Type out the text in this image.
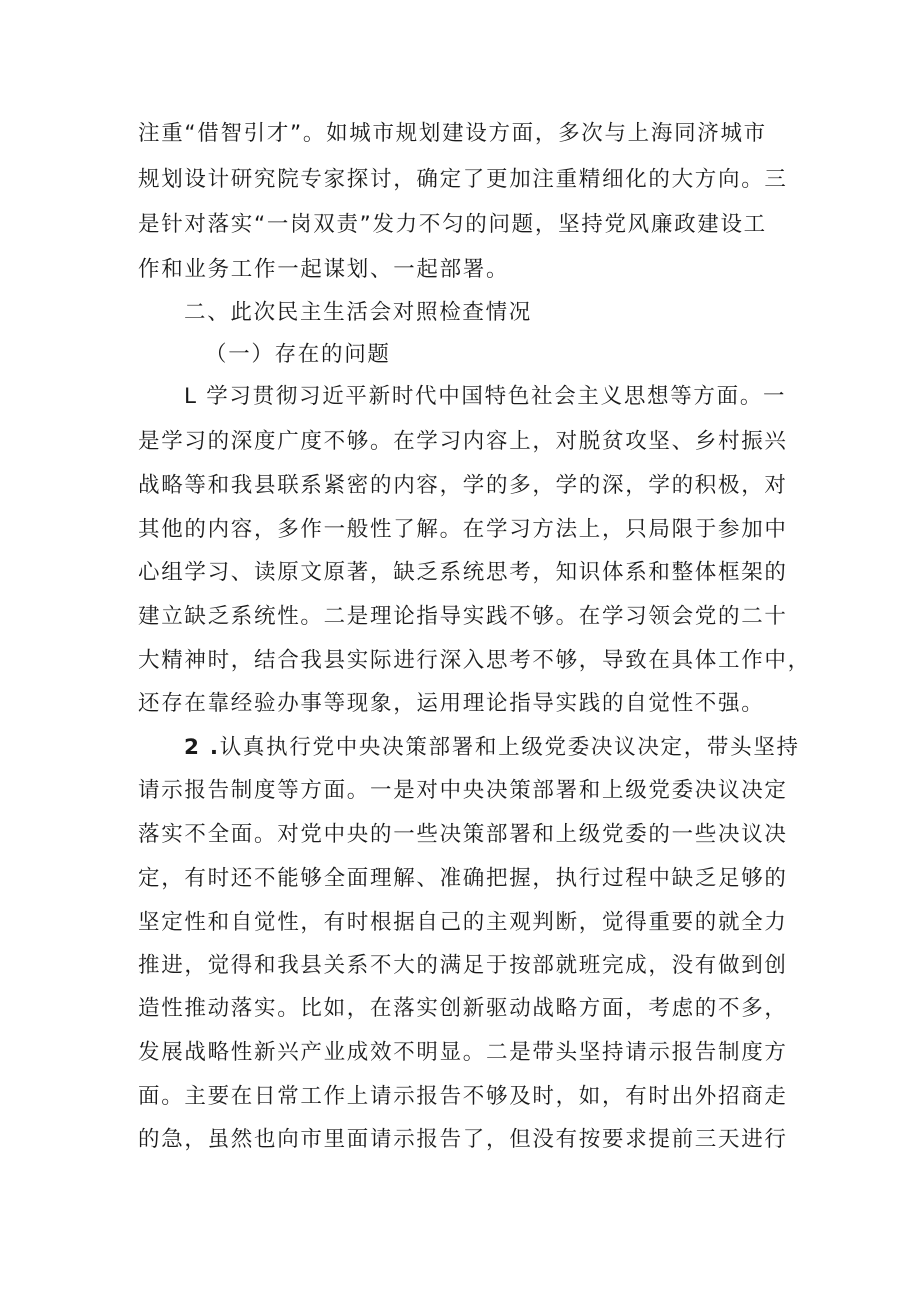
注重“借智引才”。如城市规划建设方面，多次与上海同济城市
规划设计研究院专家探讨，确定了更加注重精细化的大方向。三
是针对落实“一岗双责”发力不匀的问题，坚持党风廉政建设工
作和业务工作一起谋划、一起部署。
二、此次民主生活会对照检查情况
（一）存在的问题
L 学习贯彻习近平新时代中国特色社会主义思想等方面。一
是学习的深度广度不够。在学习内容上，对脱贫攻坚、乡村振兴
战略等和我县联系紧密的内容，学的多，学的深，学的积极，对
其他的内容，多作一般性了解。在学习方法上，只局限于参加中
心组学习、读原文原著，缺乏系统思考，知识体系和整体框架的
建立缺乏系统性。二是理论指导实践不够。在学习领会党的二十
大精神时，结合我县实际进行深入思考不够，导致在具体工作中，
还存在靠经验办事等现象，运用理论指导实践的自觉性不强。
2 .认真执行党中央决策部署和上级党委决议决定，带头坚持
请示报告制度等方面。一是对中央决策部署和上级党委决议决定
落实不全面。对党中央的一些决策部署和上级党委的一些决议决
定，有时还不能够全面理解、准确把握，执行过程中缺乏足够的
坚定性和自觉性，有时根据自己的主观判断，觉得重要的就全力
推进，觉得和我县关系不大的满足于按部就班完成，没有做到创
造性推动落实。比如，在落实创新驱动战略方面，考虑的不多，
发展战略性新兴产业成效不明显。二是带头坚持请示报告制度方
面。主要在日常工作上请示报告不够及时，如，有时出外招商走
的急，虽然也向市里面请示报告了，但没有按要求提前三天进行
